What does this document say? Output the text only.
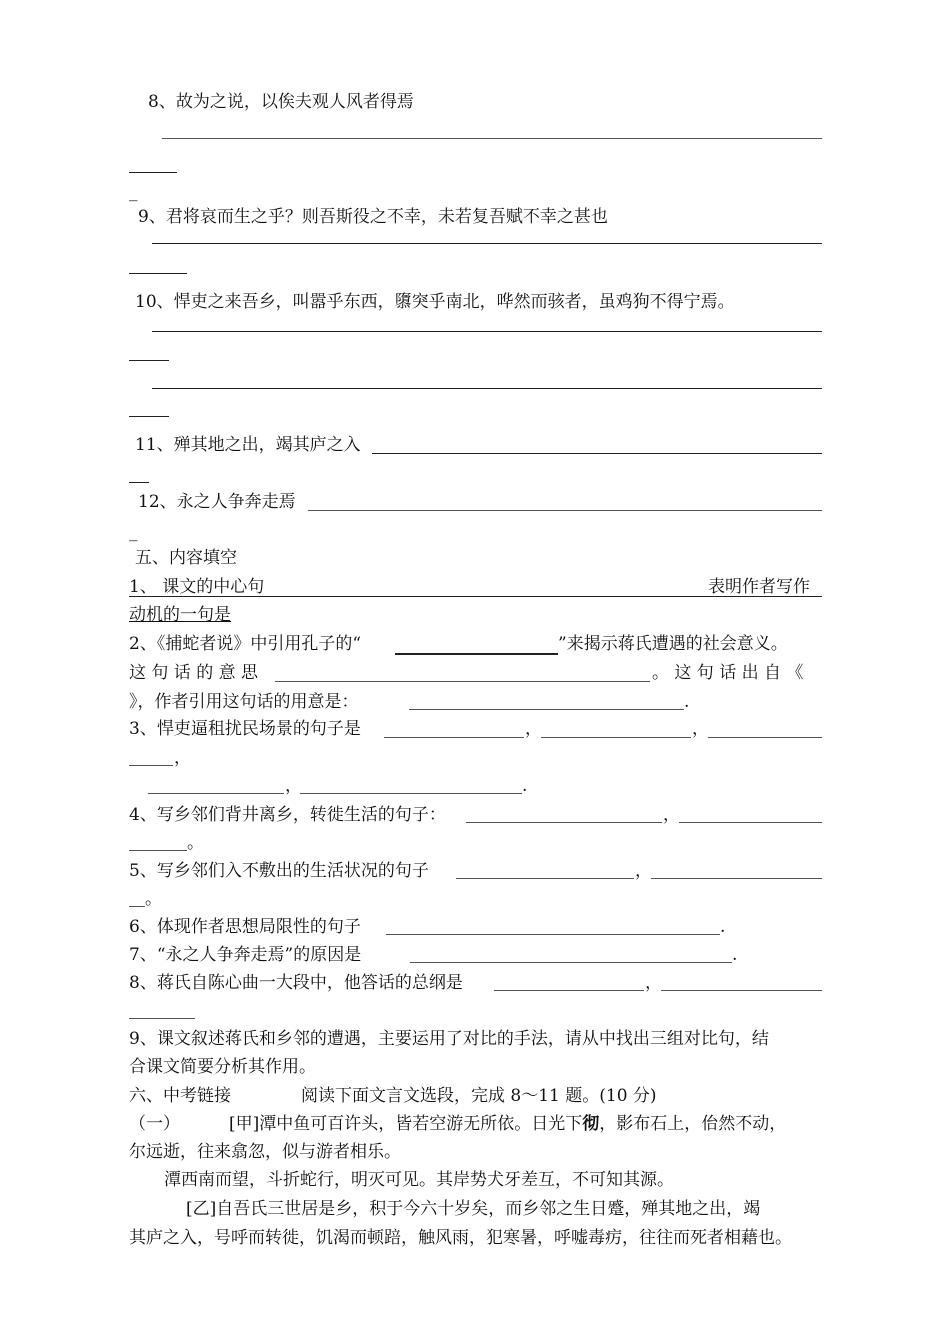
8、故为之说，以俟夫观人风者得焉
_
9、君将哀而生之乎？则吾斯役之不幸，未若复吾赋不幸之甚也
10、悍吏之来吾乡，叫嚣乎东西，隳突乎南北，哗然而骇者，虽鸡狗不得宁焉。
11、殚其地之出，竭其庐之入
12、永之人争奔走焉
_
五、内容填空
1、 课文的中心句	表明作者写作
动机的一句是
2、《捕蛇者说》中引用孔子的“	”来揭示蒋氏遭遇的社会意义。
这 句 话 的 意 思	。 这 句 话 出 自 《
》，作者引用这句话的用意是：	.
3、悍吏逼租扰民场景的句子是	，	，
，
，	.
4、写乡邻们背井离乡，转徙生活的句子：	，
。
5、写乡邻们入不敷出的生活状况的句子	，
。
6、体现作者思想局限性的句子	.
7、“永之人争奔走焉”的原因是	.
8、蒋氏自陈心曲一大段中，他答话的总纲是	，
9、课文叙述蒋氏和乡邻的遭遇，主要运用了对比的手法，请从中找出三组对比句，结
合课文简要分析其作用。
六、中考链接	阅读下面文言文选段，完成 8～11 题。(10 分)
（一）	[甲]潭中鱼可百许头，皆若空游无所依。日光下彻，影布石上，佁然不动，
尔远逝，往来翕忽，似与游者相乐。
潭西南而望，斗折蛇行，明灭可见。其岸势犬牙差互，不可知其源。
[乙]自吾氏三世居是乡，积于今六十岁矣，而乡邻之生日蹙，殚其地之出，竭
其庐之入，号呼而转徙，饥渴而顿踣，触风雨，犯寒暑，呼嘘毒疠，往往而死者相藉也。
